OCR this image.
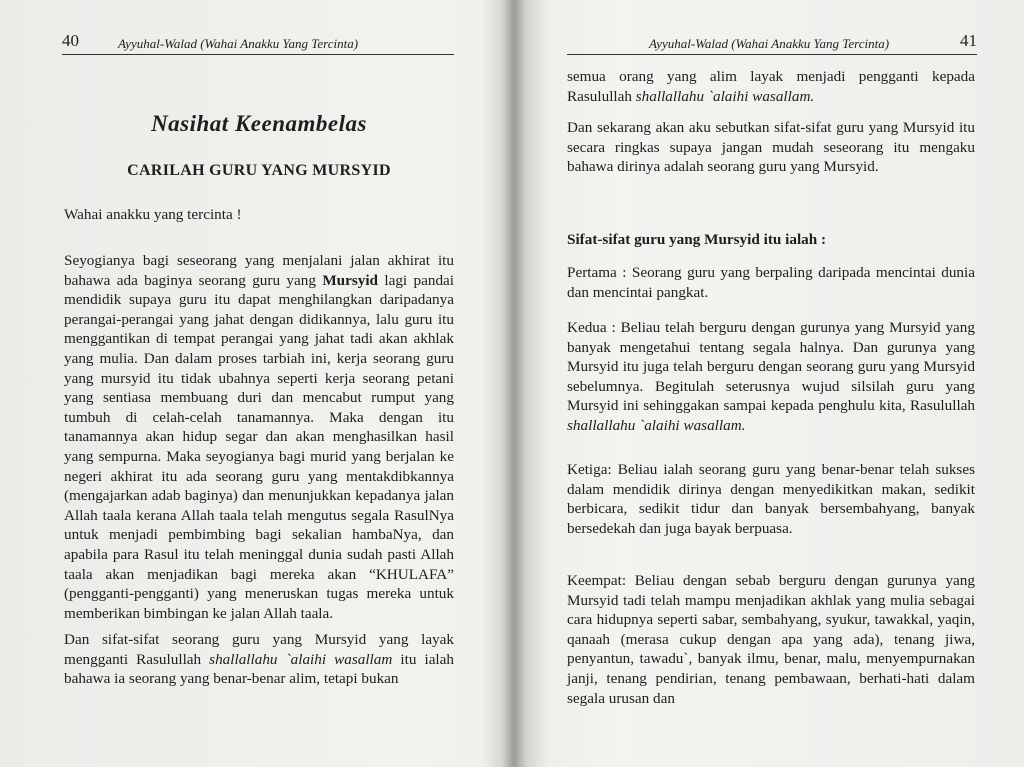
40	Ayyuhal-Walad (Wahai Anakku Yang Tercinta)
Nasihat Keenambelas
CARILAH GURU YANG MURSYID

Wahai anakku yang tercinta !

Seyogianya bagi seseorang yang menjalani jalan akhirat itu bahawa ada baginya seorang guru yang Mursyid lagi pandai mendidik supaya guru itu dapat menghilangkan daripadanya perangai-perangai yang jahat dengan didikannya, lalu guru itu menggantikan di tempat perangai yang jahat tadi akan akhlak yang mulia. Dan dalam proses tarbiah ini, kerja seorang guru yang mursyid itu tidak ubahnya seperti kerja seorang petani yang sentiasa membuang duri dan mencabut rumput yang tumbuh di celah-celah tanamannya. Maka dengan itu tanamannya akan hidup segar dan akan menghasilkan hasil yang sempurna. Maka seyogianya bagi murid yang berjalan ke negeri akhirat itu ada seorang guru yang mentakdibkannya (mengajarkan adab baginya) dan menunjukkan kepadanya jalan Allah taala kerana Allah taala telah mengutus segala RasulNya untuk menjadi pembimbing bagi sekalian hambaNya, dan apabila para Rasul itu telah meninggal dunia sudah pasti Allah taala akan menjadikan bagi mereka akan “KHULAFA” (pengganti-pengganti) yang meneruskan tugas mereka untuk memberikan bimbingan ke jalan Allah taala.

Dan sifat-sifat seorang guru yang Mursyid yang layak mengganti Rasulullah shallallahu `alaihi wasallam itu ialah bahawa ia seorang yang benar-benar alim, tetapi bukan

Ayyuhal-Walad (Wahai Anakku Yang Tercinta)	41

semua orang yang alim layak menjadi pengganti kepada Rasulullah shallallahu `alaihi wasallam.

Dan sekarang akan aku sebutkan sifat-sifat guru yang Mursyid itu secara ringkas supaya jangan mudah seseorang itu mengaku bahawa dirinya adalah seorang guru yang Mursyid.

Sifat-sifat guru yang Mursyid itu ialah :

Pertama : Seorang guru yang berpaling daripada mencintai dunia dan mencintai pangkat.

Kedua : Beliau telah berguru dengan gurunya yang Mursyid yang banyak mengetahui tentang segala halnya. Dan gurunya yang Mursyid itu juga telah berguru dengan seorang guru yang Mursyid sebelumnya. Begitulah seterusnya wujud silsilah guru yang Mursyid ini sehinggakan sampai kepada penghulu kita, Rasulullah shallallahu `alaihi wasallam.

Ketiga: Beliau ialah seorang guru yang benar-benar telah sukses dalam mendidik dirinya dengan menyedikitkan makan, sedikit berbicara, sedikit tidur dan banyak bersembahyang, banyak bersedekah dan juga bayak berpuasa.

Keempat: Beliau dengan sebab berguru dengan gurunya yang Mursyid tadi telah mampu menjadikan akhlak yang mulia sebagai cara hidupnya seperti sabar, sembahyang, syukur, tawakkal, yaqin, qanaah (merasa cukup dengan apa yang ada), tenang jiwa, penyantun, tawadu`, banyak ilmu, benar, malu, menyempurnakan janji, tenang pendirian, tenang pembawaan, berhati-hati dalam segala urusan dan
